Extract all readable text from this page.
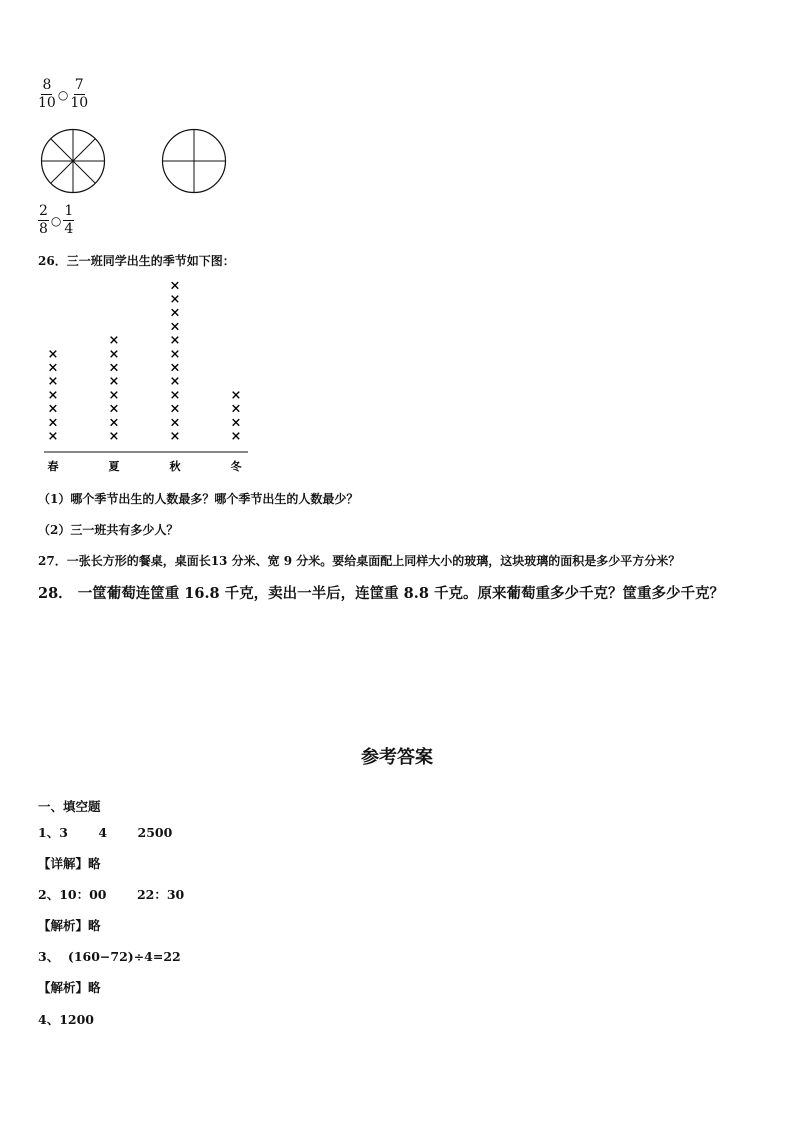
$\frac{8}{10}$ ○ $\frac{7}{10}$
$\frac{2}{8}$ ○ $\frac{1}{4}$
26．三一班同学出生的季节如下图：
×
×
×
×
×
×
×
×
×
×
×
×
×
×
×
×
×
×
×
×
×
×
×
×
×
×
×
×
×
×
×
春	夏	秋	冬
（1）哪个季节出生的人数最多？哪个季节出生的人数最少？
（2）三一班共有多少人？
27．一张长方形的餐桌，桌面长13 分米、宽 9 分米。要给桌面配上同样大小的玻璃，这块玻璃的面积是多少平方分米？
28． 一筐葡萄连筐重 16.8 千克，卖出一半后，连筐重 8.8 千克。原来葡萄重多少千克？筐重多少千克？
参考答案
一、填空题
1、3       4       2500
【详解】略
2、10：00       22：30
【解析】略
3、  (160−72)÷4=22
【解析】略
4、1200
